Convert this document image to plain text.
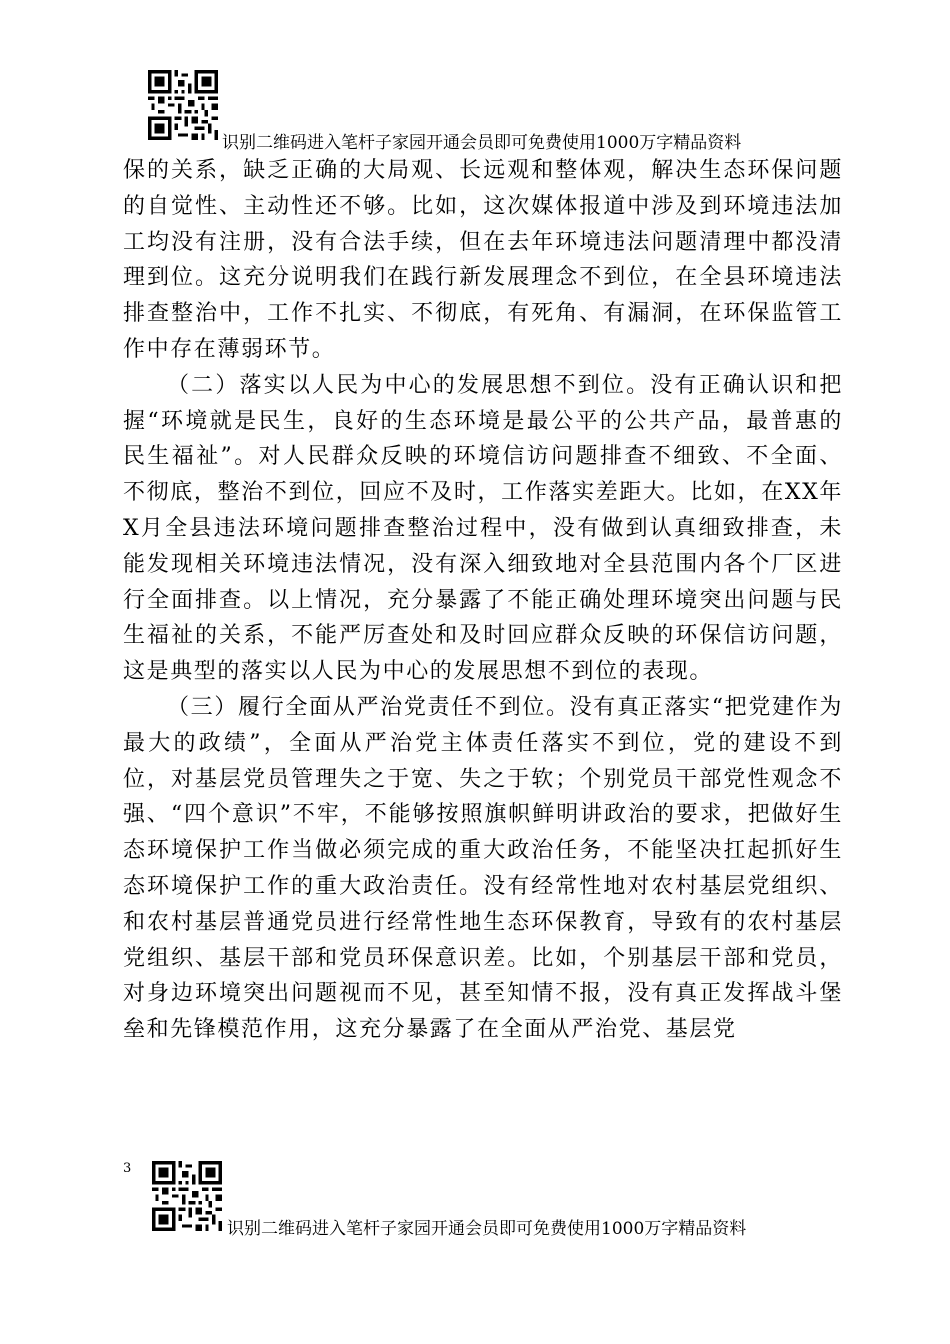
识别二维码进入笔杆子家园开通会员即可免费使用1000万字精品资料

保的关系，缺乏正确的大局观、长远观和整体观，解决生态环保问题的自觉性、主动性还不够。比如，这次媒体报道中涉及到环境违法加工均没有注册，没有合法手续，但在去年环境违法问题清理中都没清理到位。这充分说明我们在践行新发展理念不到位，在全县环境违法排查整治中，工作不扎实、不彻底，有死角、有漏洞，在环保监管工作中存在薄弱环节。

（二）落实以人民为中心的发展思想不到位。没有正确认识和把握“环境就是民生，良好的生态环境是最公平的公共产品，最普惠的民生福祉”。对人民群众反映的环境信访问题排查不细致、不全面、不彻底，整治不到位，回应不及时，工作落实差距大。比如，在XX年X月全县违法环境问题排查整治过程中，没有做到认真细致排查，未能发现相关环境违法情况，没有深入细致地对全县范围内各个厂区进行全面排查。以上情况，充分暴露了不能正确处理环境突出问题与民生福祉的关系，不能严厉查处和及时回应群众反映的环保信访问题，这是典型的落实以人民为中心的发展思想不到位的表现。

（三）履行全面从严治党责任不到位。没有真正落实“把党建作为最大的政绩”，全面从严治党主体责任落实不到位，党的建设不到位，对基层党员管理失之于宽、失之于软；个别党员干部党性观念不强、“四个意识”不牢，不能够按照旗帜鲜明讲政治的要求，把做好生态环境保护工作当做必须完成的重大政治任务，不能坚决扛起抓好生态环境保护工作的重大政治责任。没有经常性地对农村基层党组织、和农村基层普通党员进行经常性地生态环保教育，导致有的农村基层党组织、基层干部和党员环保意识差。比如，个别基层干部和党员，对身边环境突出问题视而不见，甚至知情不报，没有真正发挥战斗堡垒和先锋模范作用，这充分暴露了在全面从严治党、基层党

3
识别二维码进入笔杆子家园开通会员即可免费使用1000万字精品资料
